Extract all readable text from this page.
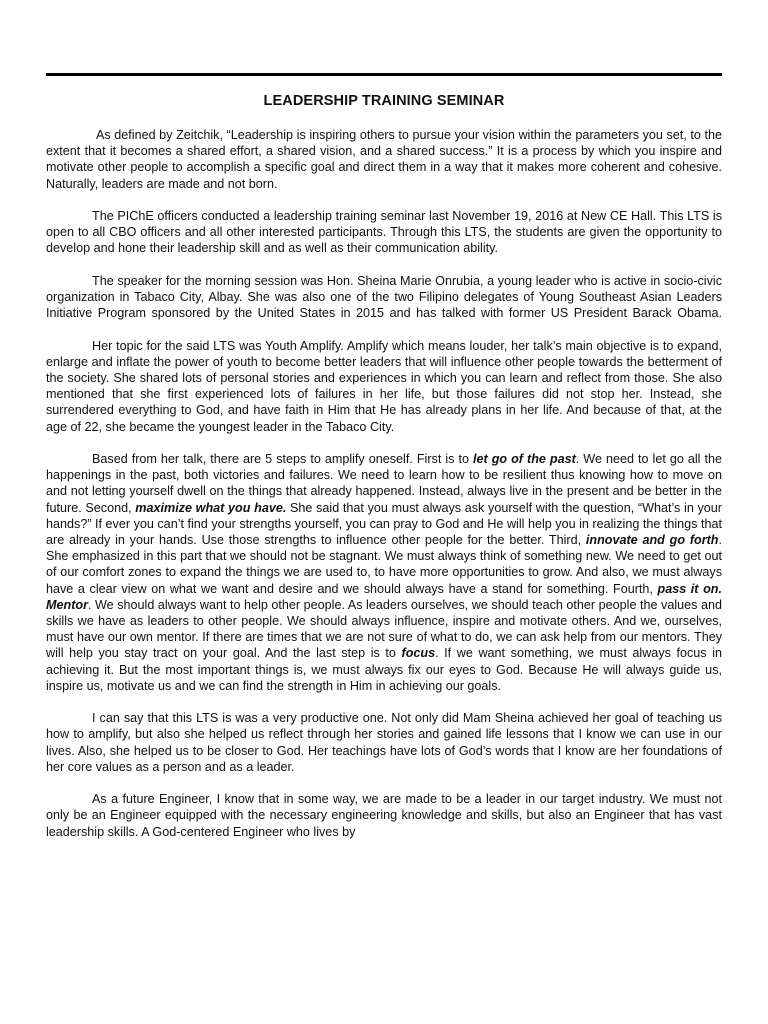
LEADERSHIP TRAINING SEMINAR

As defined by Zeitchik, “Leadership is inspiring others to pursue your vision within the parameters you set, to the extent that it becomes a shared effort, a shared vision, and a shared success.” It is a process by which you inspire and motivate other people to accomplish a specific goal and direct them in a way that it makes more coherent and cohesive. Naturally, leaders are made and not born.

The PIChE officers conducted a leadership training seminar last November 19, 2016 at New CE Hall. This LTS is open to all CBO officers and all other interested participants. Through this LTS, the students are given the opportunity to develop and hone their leadership skill and as well as their communication ability.

The speaker for the morning session was Hon. Sheina Marie Onrubia, a young leader who is active in socio-civic organization in Tabaco City, Albay. She was also one of the two Filipino delegates of Young Southeast Asian Leaders Initiative Program sponsored by the United States in 2015 and has talked with former US President Barack Obama.

Her topic for the said LTS was Youth Amplify. Amplify which means louder, her talk’s main objective is to expand, enlarge and inflate the power of youth to become better leaders that will influence other people towards the betterment of the society. She shared lots of personal stories and experiences in which you can learn and reflect from those. She also mentioned that she first experienced lots of failures in her life, but those failures did not stop her. Instead, she surrendered everything to God, and have faith in Him that He has already plans in her life. And because of that, at the age of 22, she became the youngest leader in the Tabaco City.

Based from her talk, there are 5 steps to amplify oneself. First is to let go of the past. We need to let go all the happenings in the past, both victories and failures. We need to learn how to be resilient thus knowing how to move on and not letting yourself dwell on the things that already happened. Instead, always live in the present and be better in the future. Second, maximize what you have. She said that you must always ask yourself with the question, “What’s in your hands?” If ever you can’t find your strengths yourself, you can pray to God and He will help you in realizing the things that are already in your hands. Use those strengths to influence other people for the better. Third, innovate and go forth. She emphasized in this part that we should not be stagnant. We must always think of something new. We need to get out of our comfort zones to expand the things we are used to, to have more opportunities to grow. And also, we must always have a clear view on what we want and desire and we should always have a stand for something. Fourth, pass it on. Mentor. We should always want to help other people. As leaders ourselves, we should teach other people the values and skills we have as leaders to other people. We should always influence, inspire and motivate others. And we, ourselves, must have our own mentor. If there are times that we are not sure of what to do, we can ask help from our mentors. They will help you stay tract on your goal. And the last step is to focus. If we want something, we must always focus in achieving it. But the most important things is, we must always fix our eyes to God. Because He will always guide us, inspire us, motivate us and we can find the strength in Him in achieving our goals.

I can say that this LTS is was a very productive one. Not only did Mam Sheina achieved her goal of teaching us how to amplify, but also she helped us reflect through her stories and gained life lessons that I know we can use in our lives. Also, she helped us to be closer to God. Her teachings have lots of God’s words that I know are her foundations of her core values as a person and as a leader.

As a future Engineer, I know that in some way, we are made to be a leader in our target industry. We must not only be an Engineer equipped with the necessary engineering knowledge and skills, but also an Engineer that has vast leadership skills. A God-centered Engineer who lives by
